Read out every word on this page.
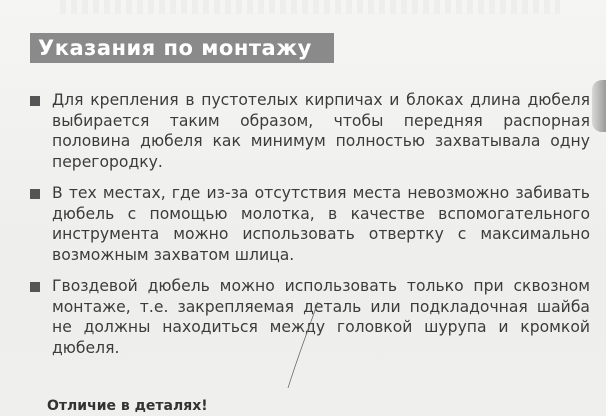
Указания по монтажу

Для крепления в пустотелых кирпичах и блоках длина дюбеля выбирается таким образом, чтобы передняя распорная половина дюбеля как минимум полностью захватывала одну перегородку.

В тех местах, где из-за отсутствия места невозможно забивать дюбель с помощью молотка, в качестве вспомогательного инструмента можно использовать отвертку с максимально возможным захватом шлица.

Гвоздевой дюбель можно использовать только при сквозном монтаже, т.е. закрепляемая деталь или подкладочная шайба не должны находиться между головкой шурупа и кромкой дюбеля.

Отличие в деталях!
